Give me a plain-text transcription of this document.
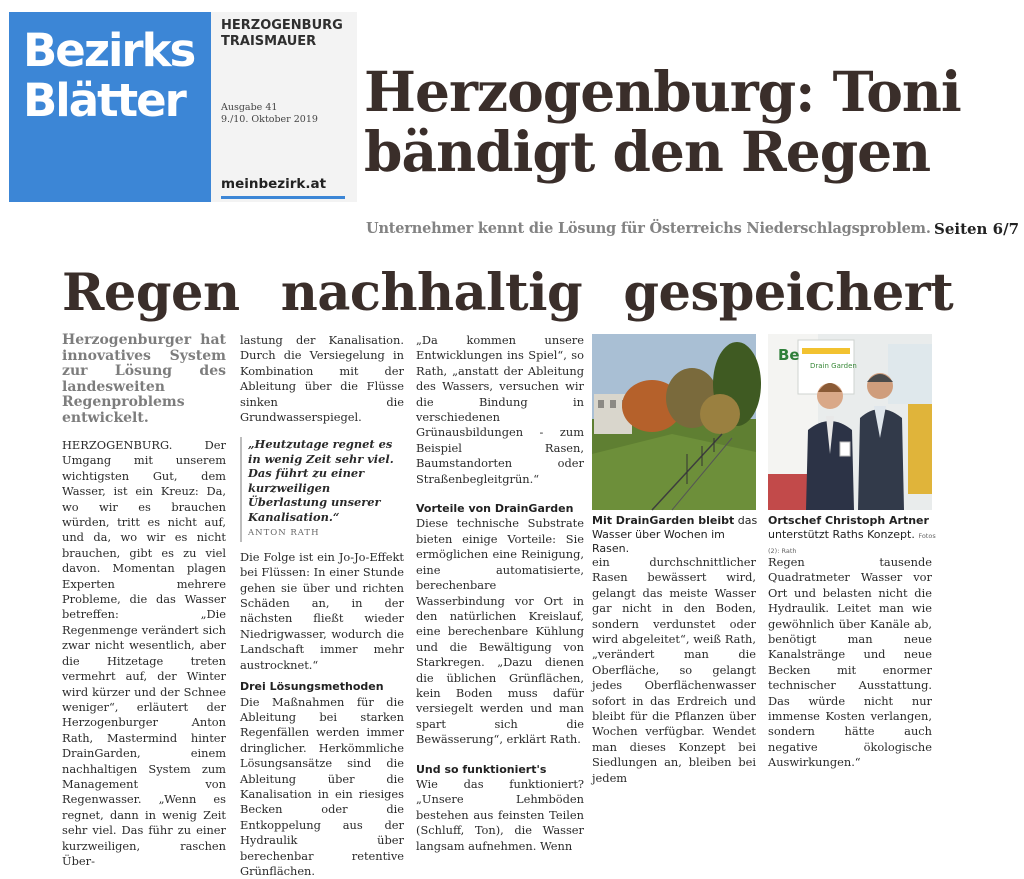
Bezirks
Blätter
HERZOGENBURG
TRAISMAUER
Ausgabe 41
9./10. Oktober 2019
meinbezirk.at
Herzogenburg: Toni
bändigt den Regen
Unternehmer kennt die Lösung für Österreichs Niederschlagsproblem. Seiten 6/7
Regen nachhaltig gespeichert

Herzogenburger hat innovatives System zur Lösung des landesweiten Regenproblems entwickelt.

HERZOGENBURG. Der Umgang mit unserem wichtigsten Gut, dem Wasser, ist ein Kreuz: Da, wo wir es brauchen würden, tritt es nicht auf, und da, wo wir es nicht brauchen, gibt es zu viel davon. Momentan plagen Experten mehrere Probleme, die das Wasser betreffen: „Die Regenmenge verändert sich zwar nicht wesentlich, aber die Hitzetage treten vermehrt auf, der Winter wird kürzer und der Schnee weniger“, erläutert der Herzogenburger Anton Rath, Mastermind hinter DrainGarden, einem nachhaltigen System zum Management von Regenwasser. „Wenn es regnet, dann in wenig Zeit sehr viel. Das führ zu einer kurzweiligen, raschen Über-

lastung der Kanalisation. Durch die Versiegelung in Kombination mit der Ableitung über die Flüsse sinken die Grundwasserspiegel.

„Heutzutage regnet es in wenig Zeit sehr viel. Das führt zu einer kurzweiligen Überlastung unserer Kanalisation.“
ANTON RATH

Die Folge ist ein Jo-Jo-Effekt bei Flüssen: In einer Stunde gehen sie über und richten Schäden an, in der nächsten fließt wieder Niedrigwasser, wodurch die Landschaft immer mehr austrocknet.“

Drei Lösungsmethoden

Die Maßnahmen für die Ableitung bei starken Regenfällen werden immer dringlicher. Herkömmliche Lösungsansätze sind die Ableitung über die Kanalisation in ein riesiges Becken oder die Entkoppelung aus der Hydraulik über berechenbar retentive Grünflächen.

„Da kommen unsere Entwicklungen ins Spiel“, so Rath, „anstatt der Ableitung des Wassers, versuchen wir die Bindung in verschiedenen Grünausbildungen - zum Beispiel Rasen, Baumstandorten oder Straßenbegleitgrün.“

Vorteile von DrainGarden

Diese technische Substrate bieten einige Vorteile: Sie ermöglichen eine Reinigung, eine automatisierte, berechenbare Wasserbindung vor Ort in den natürlichen Kreislauf, eine berechenbare Kühlung und die Bewältigung von Starkregen. „Dazu dienen die üblichen Grünflächen, kein Boden muss dafür versiegelt werden und man spart sich die Bewässerung“, erklärt Rath.

Und so funktioniert's

Wie das funktioniert? „Unsere Lehmböden bestehen aus feinsten Teilen (Schluff, Ton), die Wasser langsam aufnehmen. Wenn

Be
Drain Garden
Mit DrainGarden bleibt das Wasser über Wochen im Rasen.
Ortschef Christoph Artner unterstützt Raths Konzept. Fotos (2): Rath

ein durchschnittlicher Rasen bewässert wird, gelangt das meiste Wasser gar nicht in den Boden, sondern verdunstet oder wird abgeleitet“, weiß Rath, „verändert man die Oberfläche, so gelangt jedes Oberflächenwasser sofort in das Erdreich und bleibt für die Pflanzen über Wochen verfügbar. Wendet man dieses Konzept bei Siedlungen an, bleiben bei jedem

Regen tausende Quadratmeter Wasser vor Ort und belasten nicht die Hydraulik. Leitet man wie gewöhnlich über Kanäle ab, benötigt man neue Kanalstränge und neue Becken mit enormer technischer Ausstattung. Das würde nicht nur immense Kosten verlangen, sondern hätte auch negative ökologische Auswirkungen.“
